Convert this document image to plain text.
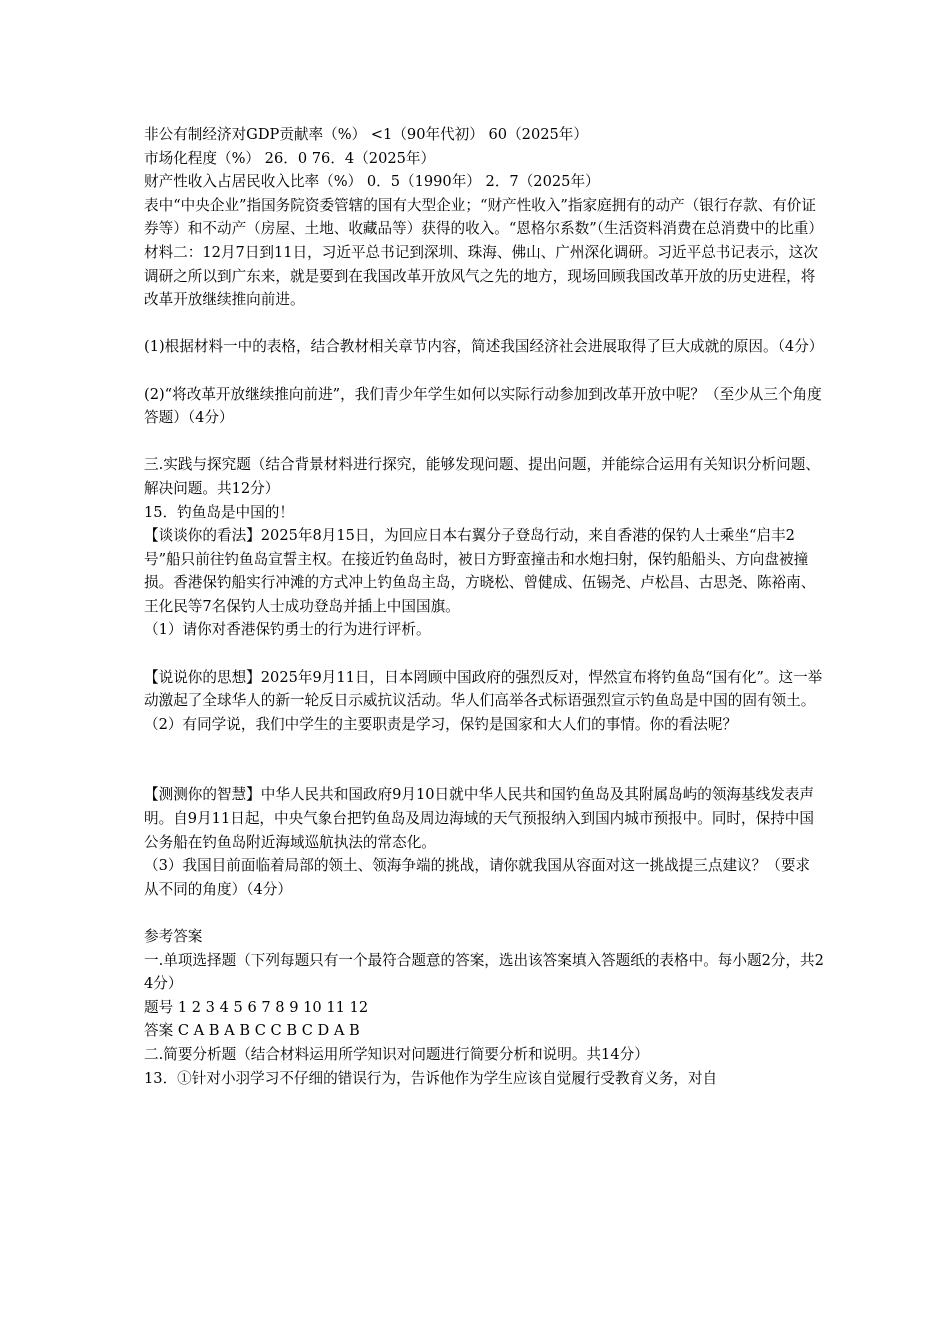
非公有制经济对GDP贡献率（%） <1（90年代初） 60（2025年）

市场化程度（%） 26．0 76．4（2025年）

财产性收入占居民收入比率（%） 0．5（1990年） 2．7（2025年）

表中“中央企业”指国务院资委管辖的国有大型企业；“财产性收入”指家庭拥有的动产（银行存款、有价证券等）和不动产（房屋、土地、收藏品等）获得的收入。“恩格尔系数”（生活资料消费在总消费中的比重）

材料二：12月7日到11日，习近平总书记到深圳、珠海、佛山、广州深化调研。习近平总书记表示，这次调研之所以到广东来，就是要到在我国改革开放风气之先的地方，现场回顾我国改革开放的历史进程，将改革开放继续推向前进。

(1)根据材料一中的表格，结合教材相关章节内容，简述我国经济社会进展取得了巨大成就的原因。（4分）

(2)“将改革开放继续推向前进”，我们青少年学生如何以实际行动参加到改革开放中呢？（至少从三个角度答题）（4分）

三.实践与探究题（结合背景材料进行探究，能够发现问题、提出问题，并能综合运用有关知识分析问题、解决问题。共12分）

15．钓鱼岛是中国的！

【谈谈你的看法】2025年8月15日，为回应日本右翼分子登岛行动，来自香港的保钓人士乘坐“启丰2号”船只前往钓鱼岛宣誓主权。在接近钓鱼岛时，被日方野蛮撞击和水炮扫射，保钓船船头、方向盘被撞损。香港保钓船实行冲滩的方式冲上钓鱼岛主岛，方晓松、曾健成、伍锡尧、卢松昌、古思尧、陈裕南、王化民等7名保钓人士成功登岛并插上中国国旗。

（1）请你对香港保钓勇士的行为进行评析。

【说说你的思想】2025年9月11日，日本罔顾中国政府的强烈反对，悍然宣布将钓鱼岛“国有化”。这一举动激起了全球华人的新一轮反日示威抗议活动。华人们高举各式标语强烈宣示钓鱼岛是中国的固有领土。

（2）有同学说，我们中学生的主要职责是学习，保钓是国家和大人们的事情。你的看法呢？

【测测你的智慧】中华人民共和国政府9月10日就中华人民共和国钓鱼岛及其附属岛屿的领海基线发表声明。自9月11日起，中央气象台把钓鱼岛及周边海域的天气预报纳入到国内城市预报中。同时，保持中国公务船在钓鱼岛附近海域巡航执法的常态化。

（3）我国目前面临着局部的领土、领海争端的挑战，请你就我国从容面对这一挑战提三点建议？（要求从不同的角度）（4分）

参考答案

一.单项选择题（下列每题只有一个最符合题意的答案，选出该答案填入答题纸的表格中。每小题2分，共24分）

题号 1 2 3 4 5 6 7 8 9 10 11 12

答案 C A B A B C C B C D A B

二.简要分析题（结合材料运用所学知识对问题进行简要分析和说明。共14分）

13．①针对小羽学习不仔细的错误行为，告诉他作为学生应该自觉履行受教育义务，对自
